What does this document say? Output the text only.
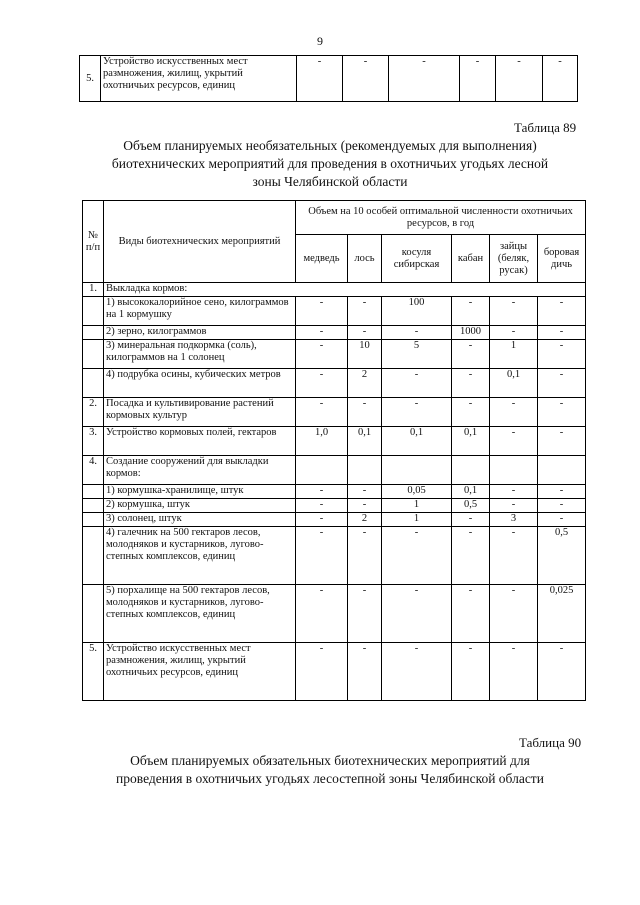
9
5.	Устройство искусственных мест размножения, жилищ, укрытий охотничьих ресурсов, единиц	-	-	-	-	-	-
Таблица 89
Объем планируемых необязательных (рекомендуемых для выполнения)
биотехнических мероприятий для проведения в охотничьих угодьях лесной
зоны Челябинской области
№ п/п	Виды биотехнических мероприятий	Объем на 10 особей оптимальной численности охотничьих ресурсов, в год					
		медведь	лось	косуля сибирская	кабан	зайцы (беляк, русак)	боровая дичь
1.	Выкладка кормов:						
	1) высококалорийное сено, килограммов на 1 кормушку	-	-	100	-	-	-
	2) зерно, килограммов	-	-	-	1000	-	-
	3) минеральная подкормка (соль), килограммов на 1 солонец	-	10	5	-	1	-
	4) подрубка осины, кубических метров	-	2	-	-	0,1	-
2.	Посадка и культивирование растений кормовых культур	-	-	-	-	-	-
3.	Устройство кормовых полей, гектаров	1,0	0,1	0,1	0,1	-	-
4.	Создание сооружений для выкладки кормов:						
	1) кормушка-хранилище, штук	-	-	0,05	0,1	-	-
	2) кормушка, штук	-	-	1	0,5	-	-
	3) солонец, штук	-	2	1	-	3	-
	4) галечник на 500 гектаров лесов, молодняков и кустарников, лугово-степных комплексов, единиц	-	-	-	-	-	0,5
	5) порхалище на 500 гектаров лесов, молодняков и кустарников, лугово-степных комплексов, единиц	-	-	-	-	-	0,025
5.	Устройство искусственных мест размножения, жилищ, укрытий охотничьих ресурсов, единиц	-	-	-	-	-	-
Таблица 90
Объем планируемых обязательных биотехнических мероприятий для
проведения в охотничьих угодьях лесостепной зоны Челябинской области
